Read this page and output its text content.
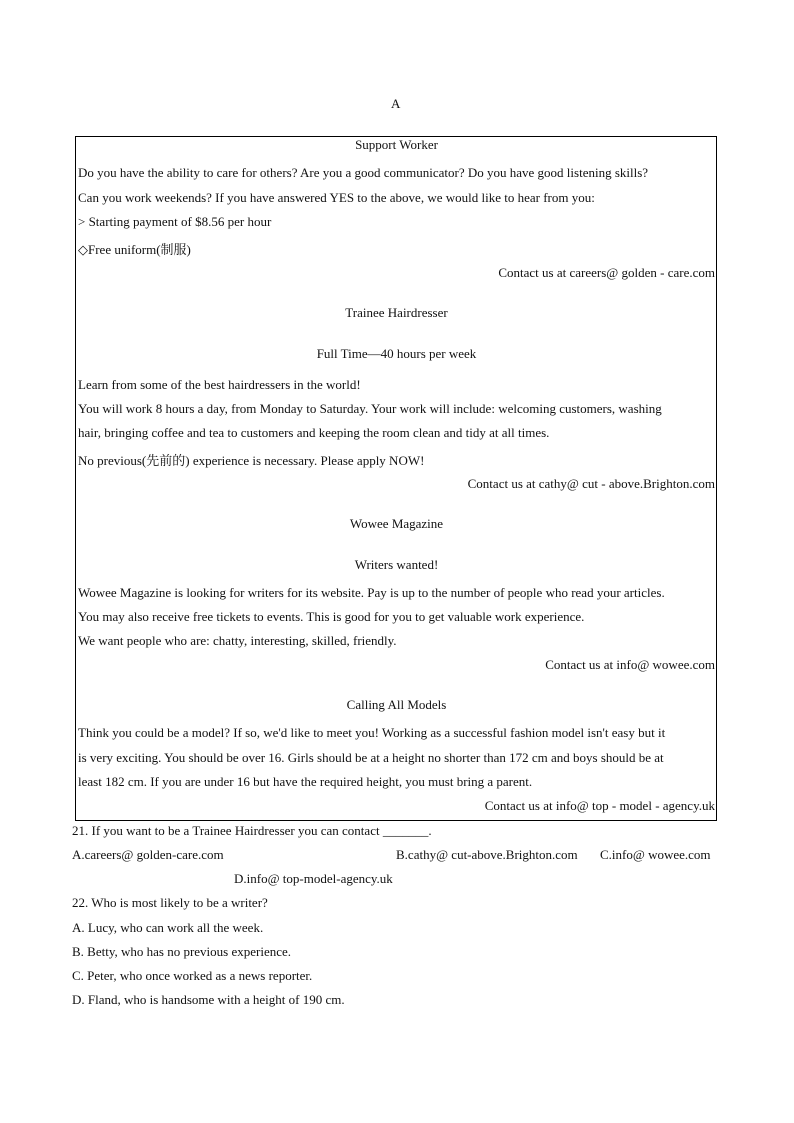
A
Support Worker
Do you have the ability to care for others? Are you a good communicator? Do you have good listening skills?
Can you work weekends? If you have answered YES to the above, we would like to hear from you:
> Starting payment of $8.56 per hour
◇Free uniform(制服)
Contact us at careers@ golden - care.com
Trainee Hairdresser
Full Time—40 hours per week
Learn from some of the best hairdressers in the world!
You will work 8 hours a day, from Monday to Saturday. Your work will include: welcoming customers, washing
hair, bringing coffee and tea to customers and keeping the room clean and tidy at all times.
No previous(先前的) experience is necessary. Please apply NOW!
Contact us at cathy@ cut - above.Brighton.com
Wowee Magazine
Writers wanted!
Wowee Magazine is looking for writers for its website. Pay is up to the number of people who read your articles.
You may also receive free tickets to events. This is good for you to get valuable work experience.
We want people who are: chatty, interesting, skilled, friendly.
Contact us at info@ wowee.com
Calling All Models
Think you could be a model? If so, we'd like to meet you! Working as a successful fashion model isn't easy but it
is very exciting. You should be over 16. Girls should be at a height no shorter than 172 cm and boys should be at
least 182 cm. If you are under 16 but have the required height, you must bring a parent.
Contact us at info@ top - model - agency.uk
21. If you want to be a Trainee Hairdresser you can contact _______.
A.careers@ golden-care.com	B.cathy@ cut-above.Brighton.com C.info@ wowee.com
D.info@ top-model-agency.uk
22. Who is most likely to be a writer?
A. Lucy, who can work all the week.
B. Betty, who has no previous experience.
C. Peter, who once worked as a news reporter.
D. Fland, who is handsome with a height of 190 cm.
